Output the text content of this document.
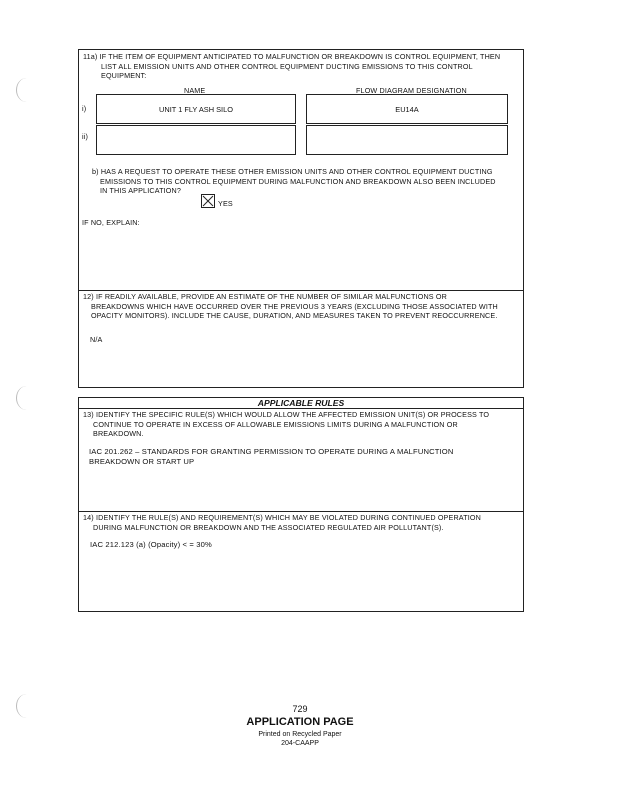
11a) IF THE ITEM OF EQUIPMENT ANTICIPATED TO MALFUNCTION OR BREAKDOWN IS CONTROL EQUIPMENT, THEN
LIST ALL EMISSION UNITS AND OTHER CONTROL EQUIPMENT DUCTING EMISSIONS TO THIS CONTROL
EQUIPMENT:
NAME	FLOW DIAGRAM DESIGNATION
i)	UNIT 1 FLY ASH SILO	EU14A
ii)
b) HAS A REQUEST TO OPERATE THESE OTHER EMISSION UNITS AND OTHER CONTROL EQUIPMENT DUCTING
EMISSIONS TO THIS CONTROL EQUIPMENT DURING MALFUNCTION AND BREAKDOWN ALSO BEEN INCLUDED
IN THIS APPLICATION?
YES
IF NO, EXPLAIN:
12) IF READILY AVAILABLE, PROVIDE AN ESTIMATE OF THE NUMBER OF SIMILAR MALFUNCTIONS OR
BREAKDOWNS WHICH HAVE OCCURRED OVER THE PREVIOUS 3 YEARS (EXCLUDING THOSE ASSOCIATED WITH
OPACITY MONITORS). INCLUDE THE CAUSE, DURATION, AND MEASURES TAKEN TO PREVENT REOCCURRENCE.
N/A
APPLICABLE RULES
13) IDENTIFY THE SPECIFIC RULE(S) WHICH WOULD ALLOW THE AFFECTED EMISSION UNIT(S) OR PROCESS TO
CONTINUE TO OPERATE IN EXCESS OF ALLOWABLE EMISSIONS LIMITS DURING A MALFUNCTION OR
BREAKDOWN.
IAC 201.262 – STANDARDS FOR GRANTING PERMISSION TO OPERATE DURING A MALFUNCTION
BREAKDOWN OR START UP
14) IDENTIFY THE RULE(S) AND REQUIREMENT(S) WHICH MAY BE VIOLATED DURING CONTINUED OPERATION
DURING MALFUNCTION OR BREAKDOWN AND THE ASSOCIATED REGULATED AIR POLLUTANT(S).
IAC 212.123 (a) (Opacity) < = 30%
729
APPLICATION PAGE
Printed on Recycled Paper
204-CAAPP
